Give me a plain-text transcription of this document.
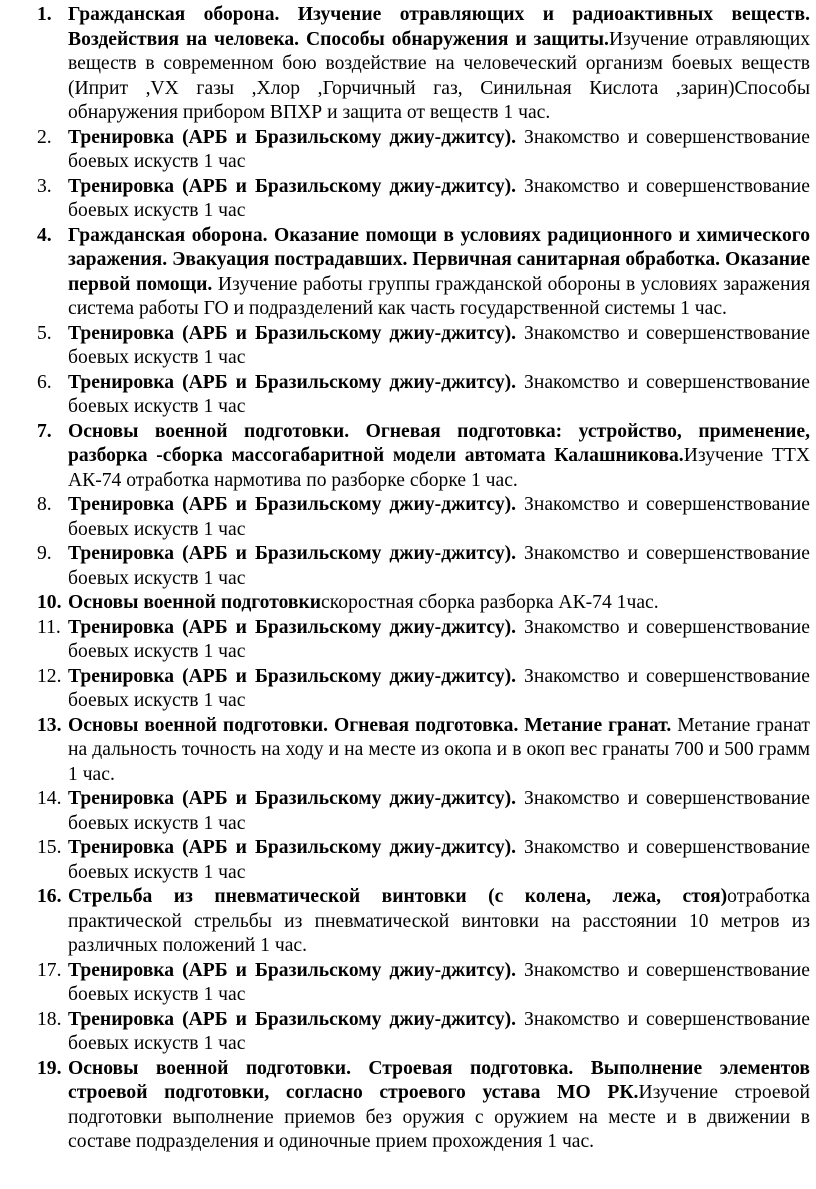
1. Гражданская оборона. Изучение отравляющих и радиоактивных веществ. Воздействия на человека. Способы обнаружения и защиты.Изучение отравляющих веществ в современном бою воздействие на человеческий организм боевых веществ (Иприт ,VX газы ,Хлор ,Горчичный газ, Синильная Кислота ,зарин)Способы обнаружения прибором ВПХР и защита от веществ 1 час.
2. Тренировка (АРБ и Бразильскому джиу-джитсу). Знакомство и совершенствование боевых искуств 1 час
3. Тренировка (АРБ и Бразильскому джиу-джитсу). Знакомство и совершенствование боевых искуств 1 час
4. Гражданская оборона. Оказание помощи в условиях радиционного и химического заражения. Эвакуация пострадавших. Первичная санитарная обработка. Оказание первой помощи. Изучение работы группы гражданской обороны в условиях заражения система работы ГО и подразделений как часть государственной системы 1 час.
5. Тренировка (АРБ и Бразильскому джиу-джитсу). Знакомство и совершенствование боевых искуств 1 час
6. Тренировка (АРБ и Бразильскому джиу-джитсу). Знакомство и совершенствование боевых искуств 1 час
7. Основы военной подготовки. Огневая подготовка: устройство, применение, разборка -сборка массогабаритной модели автомата Калашникова.Изучение ТТХ АК-74 отработка нармотива по разборке сборке 1 час.
8. Тренировка (АРБ и Бразильскому джиу-джитсу). Знакомство и совершенствование боевых искуств 1 час
9. Тренировка (АРБ и Бразильскому джиу-джитсу). Знакомство и совершенствование боевых искуств 1 час
10. Основы военной подготовкискоростная сборка разборка АК-74 1час.
11. Тренировка (АРБ и Бразильскому джиу-джитсу). Знакомство и совершенствование боевых искуств 1 час
12. Тренировка (АРБ и Бразильскому джиу-джитсу). Знакомство и совершенствование боевых искуств 1 час
13. Основы военной подготовки. Огневая подготовка. Метание гранат. Метание гранат на дальность точность на ходу и на месте из окопа и в окоп вес гранаты 700 и 500 грамм 1 час.
14. Тренировка (АРБ и Бразильскому джиу-джитсу). Знакомство и совершенствование боевых искуств 1 час
15. Тренировка (АРБ и Бразильскому джиу-джитсу). Знакомство и совершенствование боевых искуств 1 час
16. Стрельба из пневматической винтовки (с колена, лежа, стоя)отработка практической стрельбы из пневматической винтовки на расстоянии 10 метров из различных положений 1 час.
17. Тренировка (АРБ и Бразильскому джиу-джитсу). Знакомство и совершенствование боевых искуств 1 час
18. Тренировка (АРБ и Бразильскому джиу-джитсу). Знакомство и совершенствование боевых искуств 1 час
19. Основы военной подготовки. Строевая подготовка. Выполнение элементов строевой подготовки, согласно строевого устава МО РК.Изучение строевой подготовки выполнение приемов без оружия с оружием на месте и в движении в составе подразделения и одиночные прием прохождения 1 час.
